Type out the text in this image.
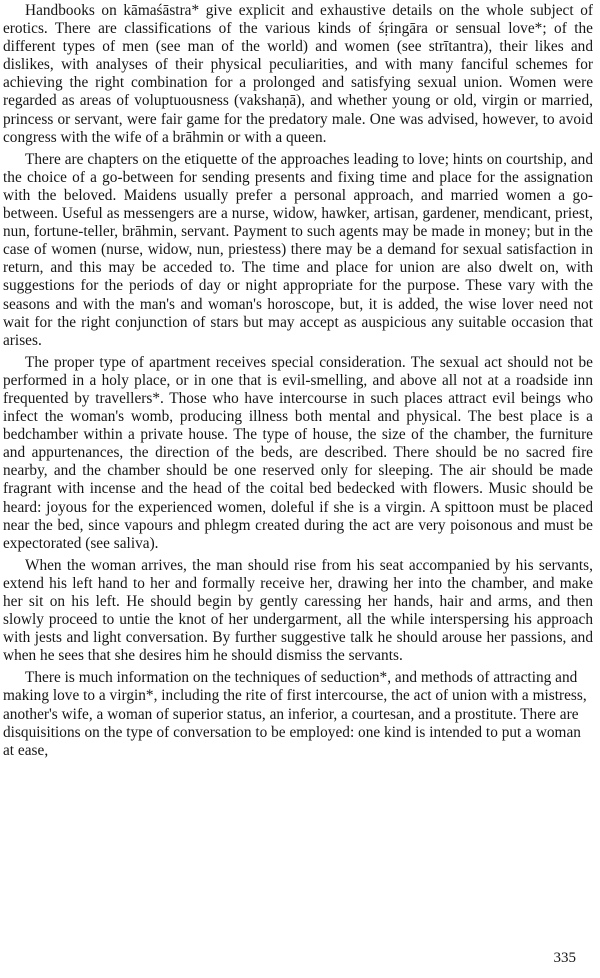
Handbooks on kāmaśāstra* give explicit and exhaustive details on the whole subject of erotics. There are classifications of the various kinds of śṛingāra or sensual love*; of the different types of men (see man of the world) and women (see strītantra), their likes and dislikes, with analyses of their physical peculiarities, and with many fanciful schemes for achieving the right combination for a prolonged and satisfying sexual union. Women were regarded as areas of voluptuousness (vakshaṇā), and whether young or old, virgin or married, princess or servant, were fair game for the predatory male. One was advised, however, to avoid congress with the wife of a brāhmin or with a queen.

There are chapters on the etiquette of the approaches leading to love; hints on courtship, and the choice of a go-between for sending presents and fixing time and place for the assignation with the beloved. Maidens usually prefer a personal approach, and married women a go-between. Useful as messengers are a nurse, widow, hawker, artisan, gardener, mendicant, priest, nun, fortune-teller, brāhmin, servant. Payment to such agents may be made in money; but in the case of women (nurse, widow, nun, priestess) there may be a demand for sexual satisfaction in return, and this may be acceded to. The time and place for union are also dwelt on, with suggestions for the periods of day or night appropriate for the purpose. These vary with the seasons and with the man's and woman's horoscope, but, it is added, the wise lover need not wait for the right conjunction of stars but may accept as auspicious any suitable occasion that arises.

The proper type of apartment receives special consideration. The sexual act should not be performed in a holy place, or in one that is evil-smelling, and above all not at a roadside inn frequented by travellers*. Those who have intercourse in such places attract evil beings who infect the woman's womb, producing illness both mental and physical. The best place is a bedchamber within a private house. The type of house, the size of the chamber, the furniture and appurtenances, the direction of the beds, are described. There should be no sacred fire nearby, and the chamber should be one reserved only for sleeping. The air should be made fragrant with incense and the head of the coital bed bedecked with flowers. Music should be heard: joyous for the experienced women, doleful if she is a virgin. A spittoon must be placed near the bed, since vapours and phlegm created during the act are very poisonous and must be expectorated (see saliva).

When the woman arrives, the man should rise from his seat accompanied by his servants, extend his left hand to her and formally receive her, drawing her into the chamber, and make her sit on his left. He should begin by gently caressing her hands, hair and arms, and then slowly proceed to untie the knot of her undergarment, all the while interspersing his approach with jests and light conversation. By further suggestive talk he should arouse her passions, and when he sees that she desires him he should dismiss the servants.

There is much information on the techniques of seduction*, and methods of attracting and making love to a virgin*, including the rite of first intercourse, the act of union with a mistress, another's wife, a woman of superior status, an inferior, a courtesan, and a prostitute. There are disquisitions on the type of conversation to be employed: one kind is intended to put a woman at ease,

335
